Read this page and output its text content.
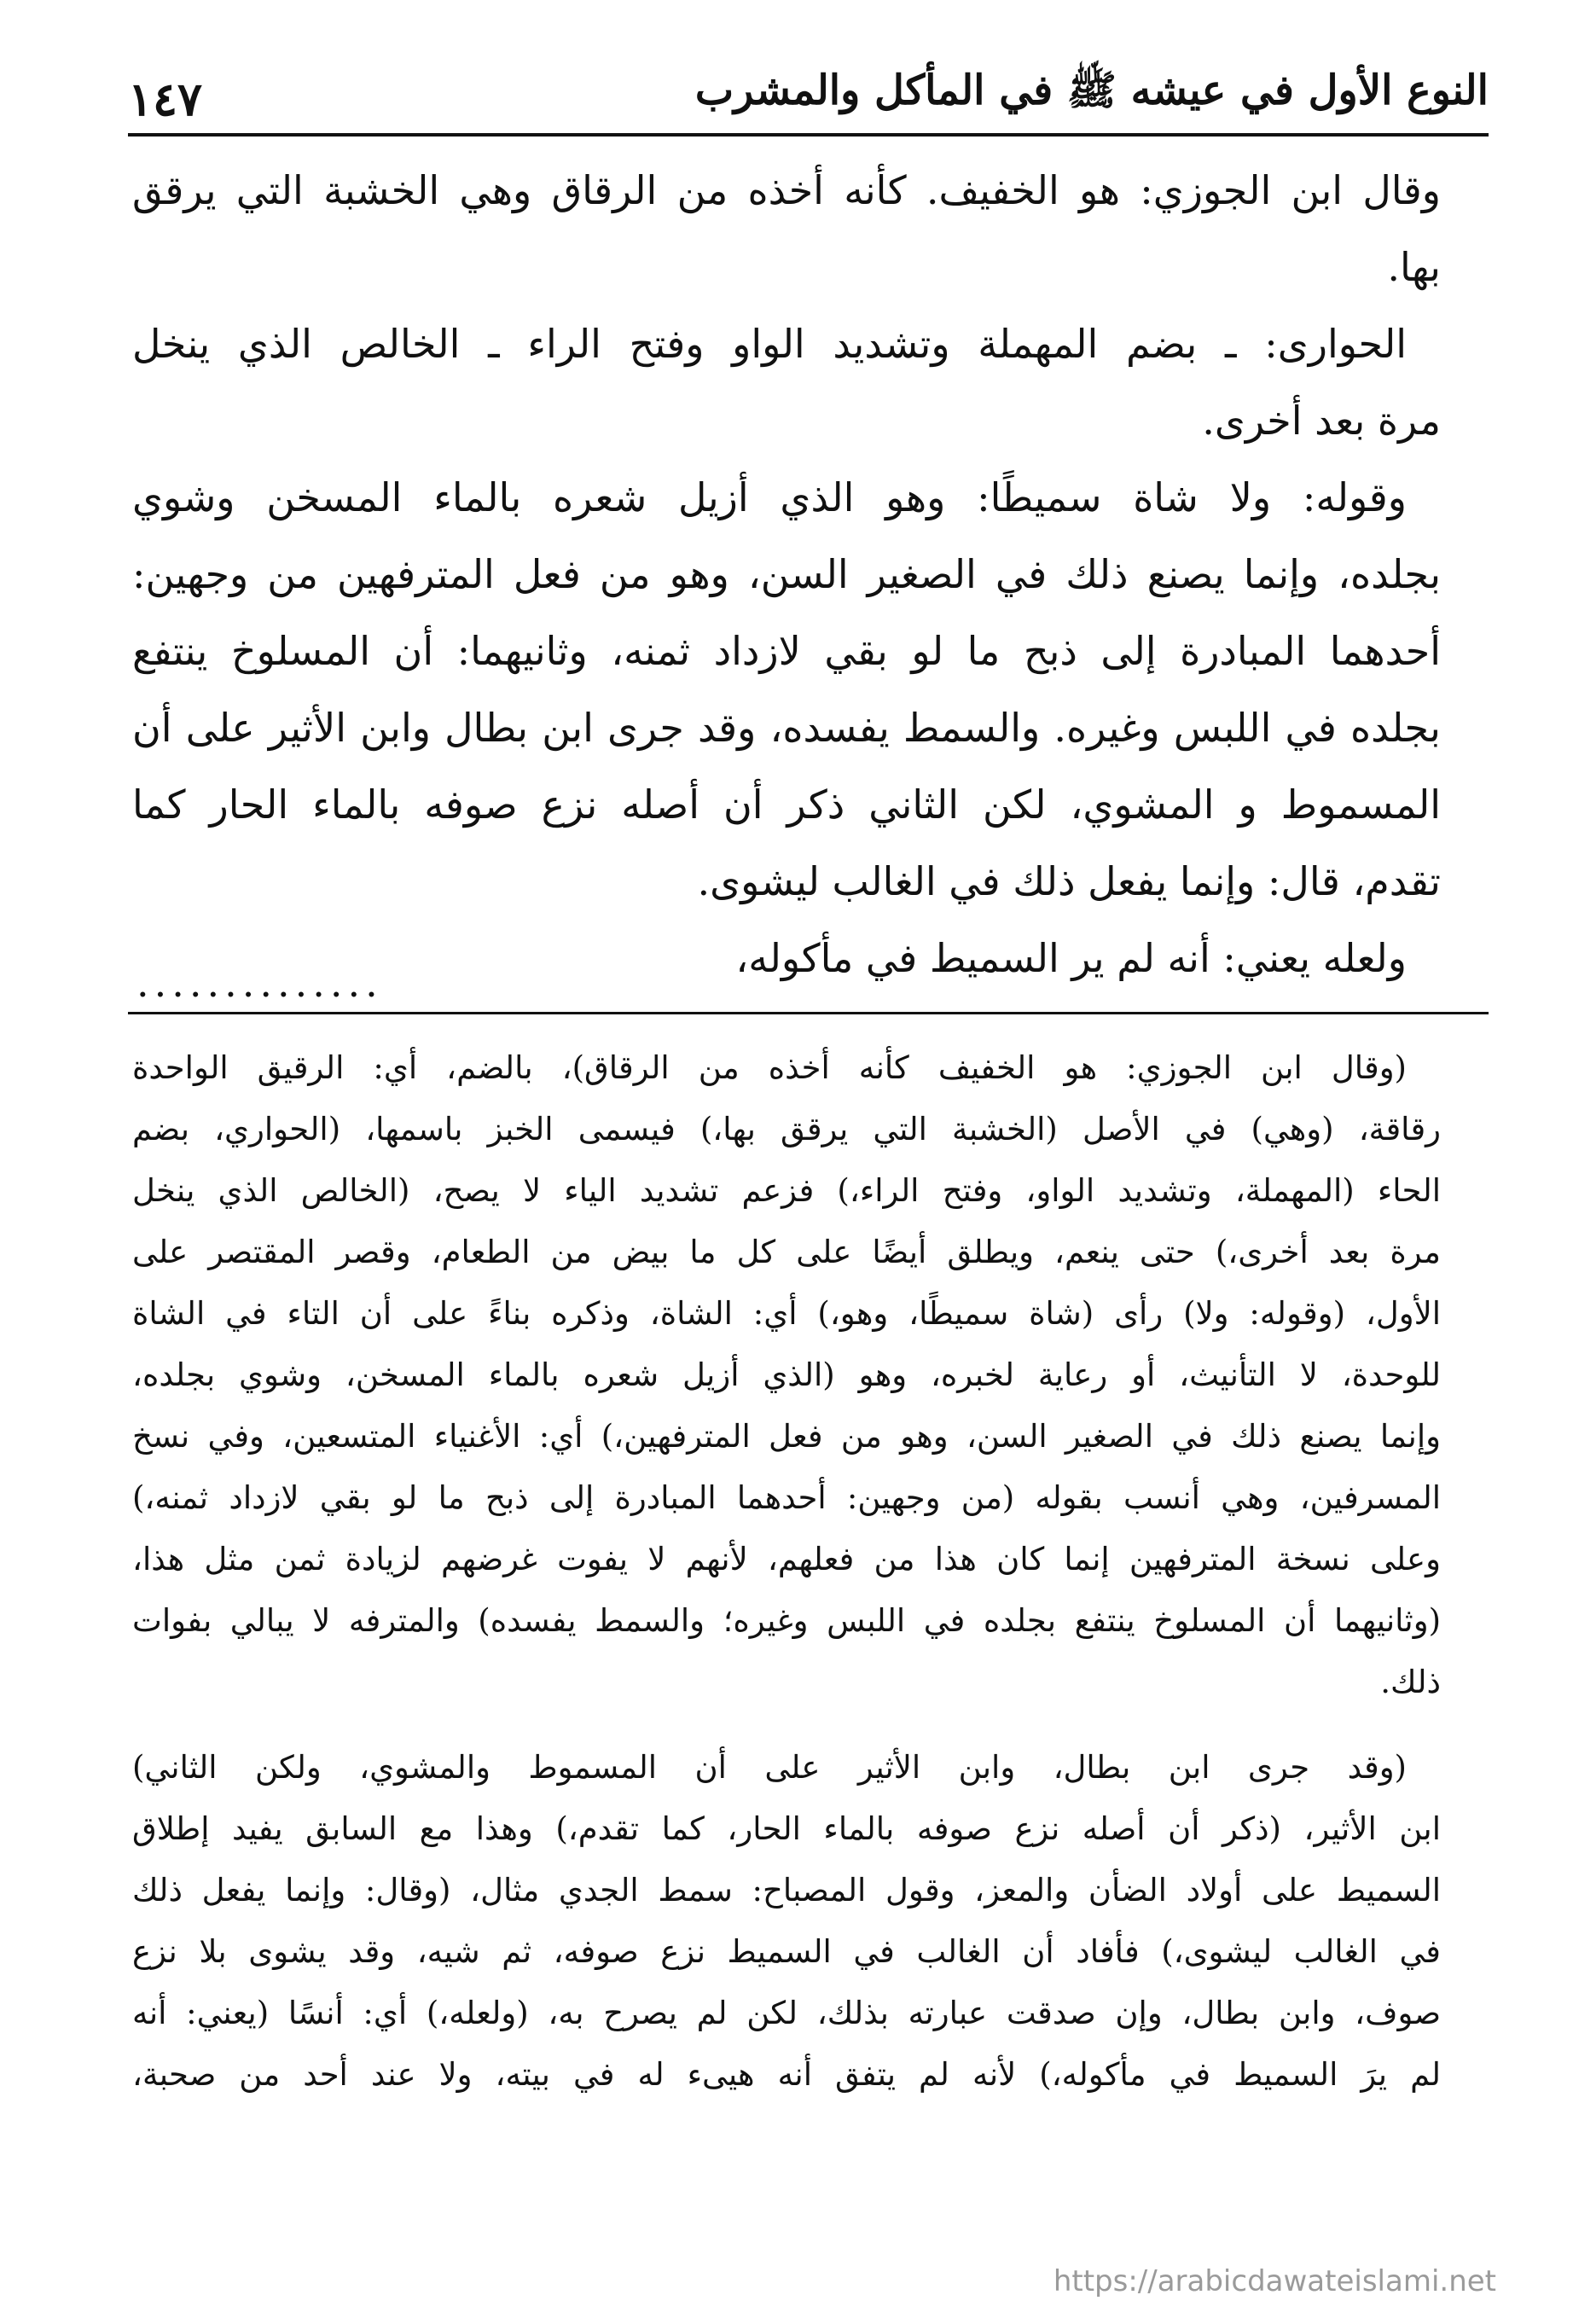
النوع الأول في عيشه ﷺ في المأكل والمشرب
١٤٧
وقال ابن الجوزي: هو الخفيف. كأنه أخذه من الرقاق وهي الخشبة التي يرقق
بها.
الحوارى: ـ بضم المهملة وتشديد الواو وفتح الراء ـ الخالص الذي ينخل
مرة بعد أخرى.
وقوله: ولا شاة سميطًا: وهو الذي أزيل شعره بالماء المسخن وشوي
بجلده، وإنما يصنع ذلك في الصغير السن، وهو من فعل المترفهين من وجهين:
أحدهما المبادرة إلى ذبح ما لو بقي لازداد ثمنه، وثانيهما: أن المسلوخ ينتفع
بجلده في اللبس وغيره. والسمط يفسده، وقد جرى ابن بطال وابن الأثير على أن
المسموط و المشوي، لكن الثاني ذكر أن أصله نزع صوفه بالماء الحار كما
تقدم، قال: وإنما يفعل ذلك في الغالب ليشوى.
ولعله يعني: أنه لم ير السميط في مأكوله،
..............
(وقال ابن الجوزي: هو الخفيف كأنه أخذه من الرقاق)، بالضم، أي: الرقيق الواحدة
رقاقة، (وهي) في الأصل (الخشبة التي يرقق بها،) فيسمى الخبز باسمها، (الحواري، بضم
الحاء (المهملة، وتشديد الواو، وفتح الراء،) فزعم تشديد الياء لا يصح، (الخالص الذي ينخل
مرة بعد أخرى،) حتى ينعم، ويطلق أيضًا على كل ما بيض من الطعام، وقصر المقتصر على
الأول، (وقوله: ولا) رأى (شاة سميطًا، وهو،) أي: الشاة، وذكره بناءً على أن التاء في الشاة
للوحدة، لا التأنيث، أو رعاية لخبره، وهو (الذي أزيل شعره بالماء المسخن، وشوي بجلده،
وإنما يصنع ذلك في الصغير السن، وهو من فعل المترفهين،) أي: الأغنياء المتسعين، وفي نسخ
المسرفين، وهي أنسب بقوله (من وجهين: أحدهما المبادرة إلى ذبح ما لو بقي لازداد ثمنه،)
وعلى نسخة المترفهين إنما كان هذا من فعلهم، لأنهم لا يفوت غرضهم لزيادة ثمن مثل هذا،
(وثانيهما أن المسلوخ ينتفع بجلده في اللبس وغيره؛ والسمط يفسده) والمترفه لا يبالي بفوات
ذلك.
(وقد جرى ابن بطال، وابن الأثير على أن المسموط والمشوي، ولكن الثاني)
ابن الأثير، (ذكر أن أصله نزع صوفه بالماء الحار، كما تقدم،) وهذا مع السابق يفيد إطلاق
السميط على أولاد الضأن والمعز، وقول المصباح: سمط الجدي مثال، (وقال: وإنما يفعل ذلك
في الغالب ليشوى،) فأفاد أن الغالب في السميط نزع صوفه، ثم شيه، وقد يشوى بلا نزع
صوف، وابن بطال، وإن صدقت عبارته بذلك، لكن لم يصرح به، (ولعله،) أي: أنسًا (يعني: أنه
لم يرَ السميط في مأكوله،) لأنه لم يتفق أنه هيىء له في بيته، ولا عند أحد من صحبة،
https://arabicdawateislami.net
